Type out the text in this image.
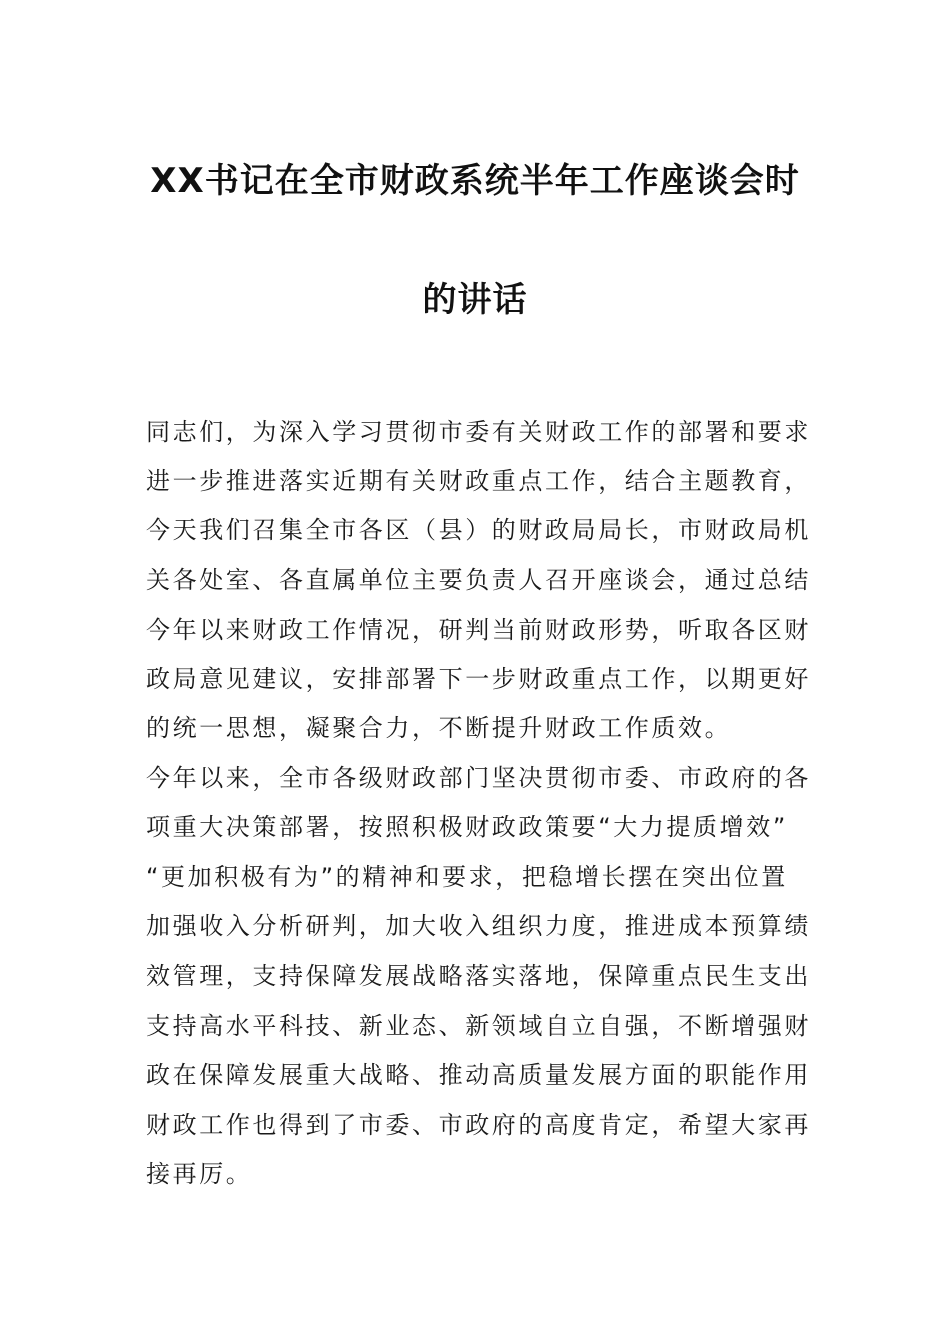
XX书记在全市财政系统半年工作座谈会时
的讲话
同志们，为深入学习贯彻市委有关财政工作的部署和要求
进一步推进落实近期有关财政重点工作，结合主题教育，
今天我们召集全市各区（县）的财政局局长，市财政局机
关各处室、各直属单位主要负责人召开座谈会，通过总结
今年以来财政工作情况，研判当前财政形势，听取各区财
政局意见建议，安排部署下一步财政重点工作，以期更好
的统一思想，凝聚合力，不断提升财政工作质效。
今年以来，全市各级财政部门坚决贯彻市委、市政府的各
项重大决策部署，按照积极财政政策要“大力提质增效”
“更加积极有为”的精神和要求，把稳增长摆在突出位置
加强收入分析研判，加大收入组织力度，推进成本预算绩
效管理，支持保障发展战略落实落地，保障重点民生支出
支持高水平科技、新业态、新领域自立自强，不断增强财
政在保障发展重大战略、推动高质量发展方面的职能作用
财政工作也得到了市委、市政府的高度肯定，希望大家再
接再厉。
